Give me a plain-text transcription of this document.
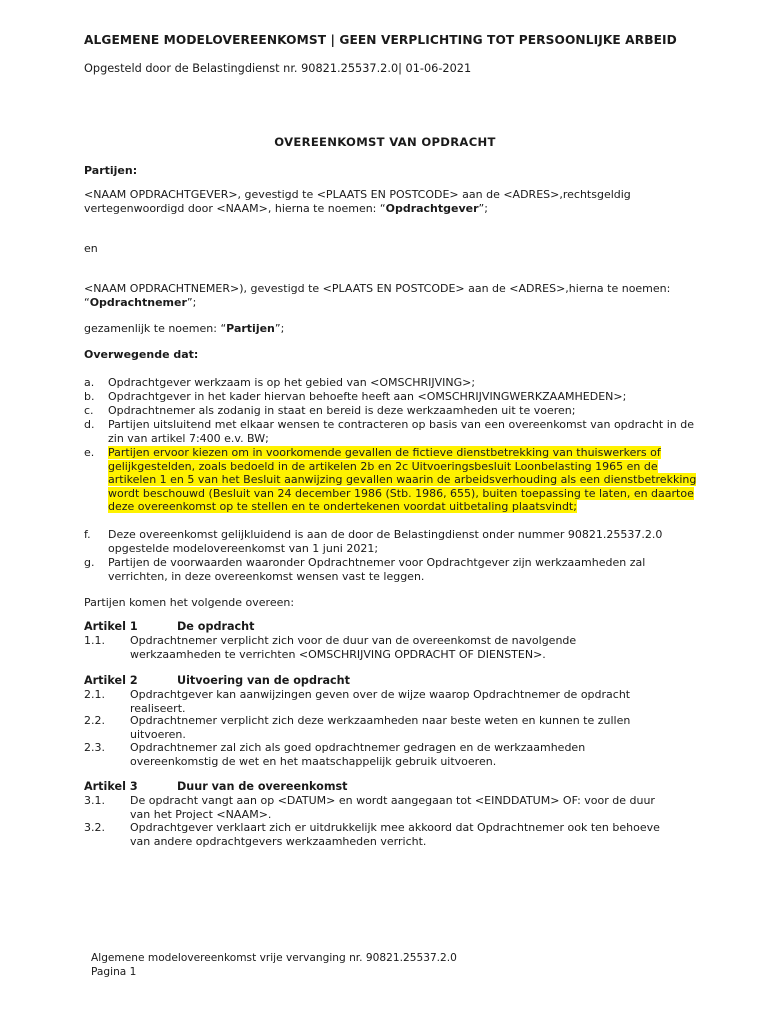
ALGEMENE MODELOVEREENKOMST | GEEN VERPLICHTING TOT PERSOONLIJKE ARBEID
Opgesteld door de Belastingdienst nr. 90821.25537.2.0| 01-06-2021
OVEREENKOMST VAN OPDRACHT
Partijen:
<NAAM OPDRACHTGEVER>, gevestigd te <PLAATS EN POSTCODE> aan de <ADRES>,rechtsgeldig vertegenwoordigd door <NAAM>, hierna te noemen: “Opdrachtgever”;
en
<NAAM OPDRACHTNEMER>), gevestigd te <PLAATS EN POSTCODE> aan de <ADRES>,hierna te noemen: “Opdrachtnemer”;
gezamenlijk te noemen: “Partijen”;
Overwegende dat:
a.	Opdrachtgever werkzaam is op het gebied van <OMSCHRIJVING>;
b.	Opdrachtgever in het kader hiervan behoefte heeft aan <OMSCHRIJVINGWERKZAAMHEDEN>;
c.	Opdrachtnemer als zodanig in staat en bereid is deze werkzaamheden uit te voeren;
d.	Partijen uitsluitend met elkaar wensen te contracteren op basis van een overeenkomst van opdracht in de zin van artikel 7:400 e.v. BW;
e.	Partijen ervoor kiezen om in voorkomende gevallen de fictieve dienstbetrekking van thuiswerkers of gelijkgestelden, zoals bedoeld in de artikelen 2b en 2c Uitvoeringsbesluit Loonbelasting 1965 en de artikelen 1 en 5 van het Besluit aanwijzing gevallen waarin de arbeidsverhouding als een dienstbetrekking wordt beschouwd (Besluit van 24 december 1986 (Stb. 1986, 655), buiten toepassing te laten, en daartoe deze overeenkomst op te stellen en te ondertekenen voordat uitbetaling plaatsvindt;
f.	Deze overeenkomst gelijkluidend is aan de door de Belastingdienst onder nummer 90821.25537.2.0 opgestelde modelovereenkomst van 1 juni 2021;
g.	Partijen de voorwaarden waaronder Opdrachtnemer voor Opdrachtgever zijn werkzaamheden zal verrichten, in deze overeenkomst wensen vast te leggen.
Partijen komen het volgende overeen:
Artikel 1	De opdracht
1.1. Opdrachtnemer verplicht zich voor de duur van de overeenkomst de navolgende werkzaamheden te verrichten <OMSCHRIJVING OPDRACHT OF DIENSTEN>.
Artikel 2	Uitvoering van de opdracht
2.1. Opdrachtgever kan aanwijzingen geven over de wijze waarop Opdrachtnemer de opdracht realiseert.
2.2. Opdrachtnemer verplicht zich deze werkzaamheden naar beste weten en kunnen te zullen uitvoeren.
2.3. Opdrachtnemer zal zich als goed opdrachtnemer gedragen en de werkzaamheden overeenkomstig de wet en het maatschappelijk gebruik uitvoeren.
Artikel 3	Duur van de overeenkomst
3.1. De opdracht vangt aan op <DATUM> en wordt aangegaan tot <EINDDATUM> OF: voor de duur van het Project <NAAM>.
3.2. Opdrachtgever verklaart zich er uitdrukkelijk mee akkoord dat Opdrachtnemer ook ten behoeve van andere opdrachtgevers werkzaamheden verricht.
Algemene modelovereenkomst vrije vervanging nr. 90821.25537.2.0
Pagina 1
